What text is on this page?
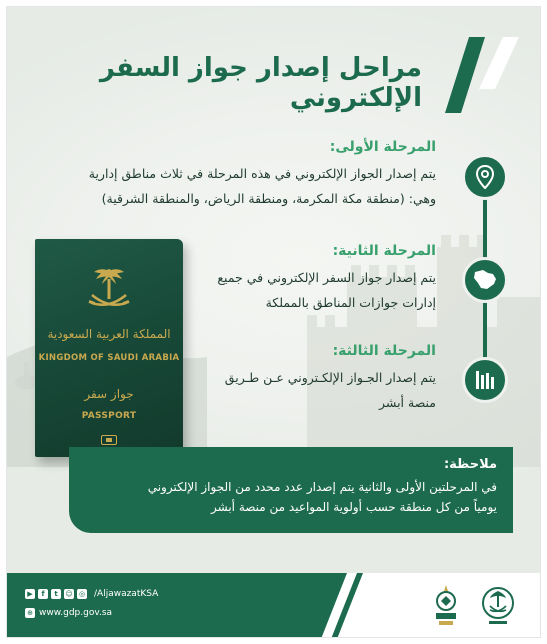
مراحل إصدار جواز السفر الإلكتروني
المرحلة الأولى:
يتم إصدار الجواز الإلكتروني في هذه المرحلة في ثلاث مناطق إدارية
وهي: (منطقة مكة المكرمة، ومنطقة الرياض، والمنطقة الشرقية)
المرحلة الثانية:
يتم إصدار جواز السفر الإلكتروني في جميع
إدارات جوازات المناطق بالمملكة
المرحلة الثالثة:
يتم إصدار الجـواز الإلكـتروني عـن طـريق
منصة أبشر
المملكة العربية السعودية
KINGDOM OF SAUDI ARABIA
جواز سفر
PASSPORT
ملاحظة:
في المرحلتين الأولى والثانية يتم إصدار عدد محدد من الجواز الإلكتروني
يومياً من كل منطقة حسب أولوية المواعيد من منصة أبشر
▶	f	t	☺ ◎ /AljawazatKSA
⊕ www.gdp.gov.sa
